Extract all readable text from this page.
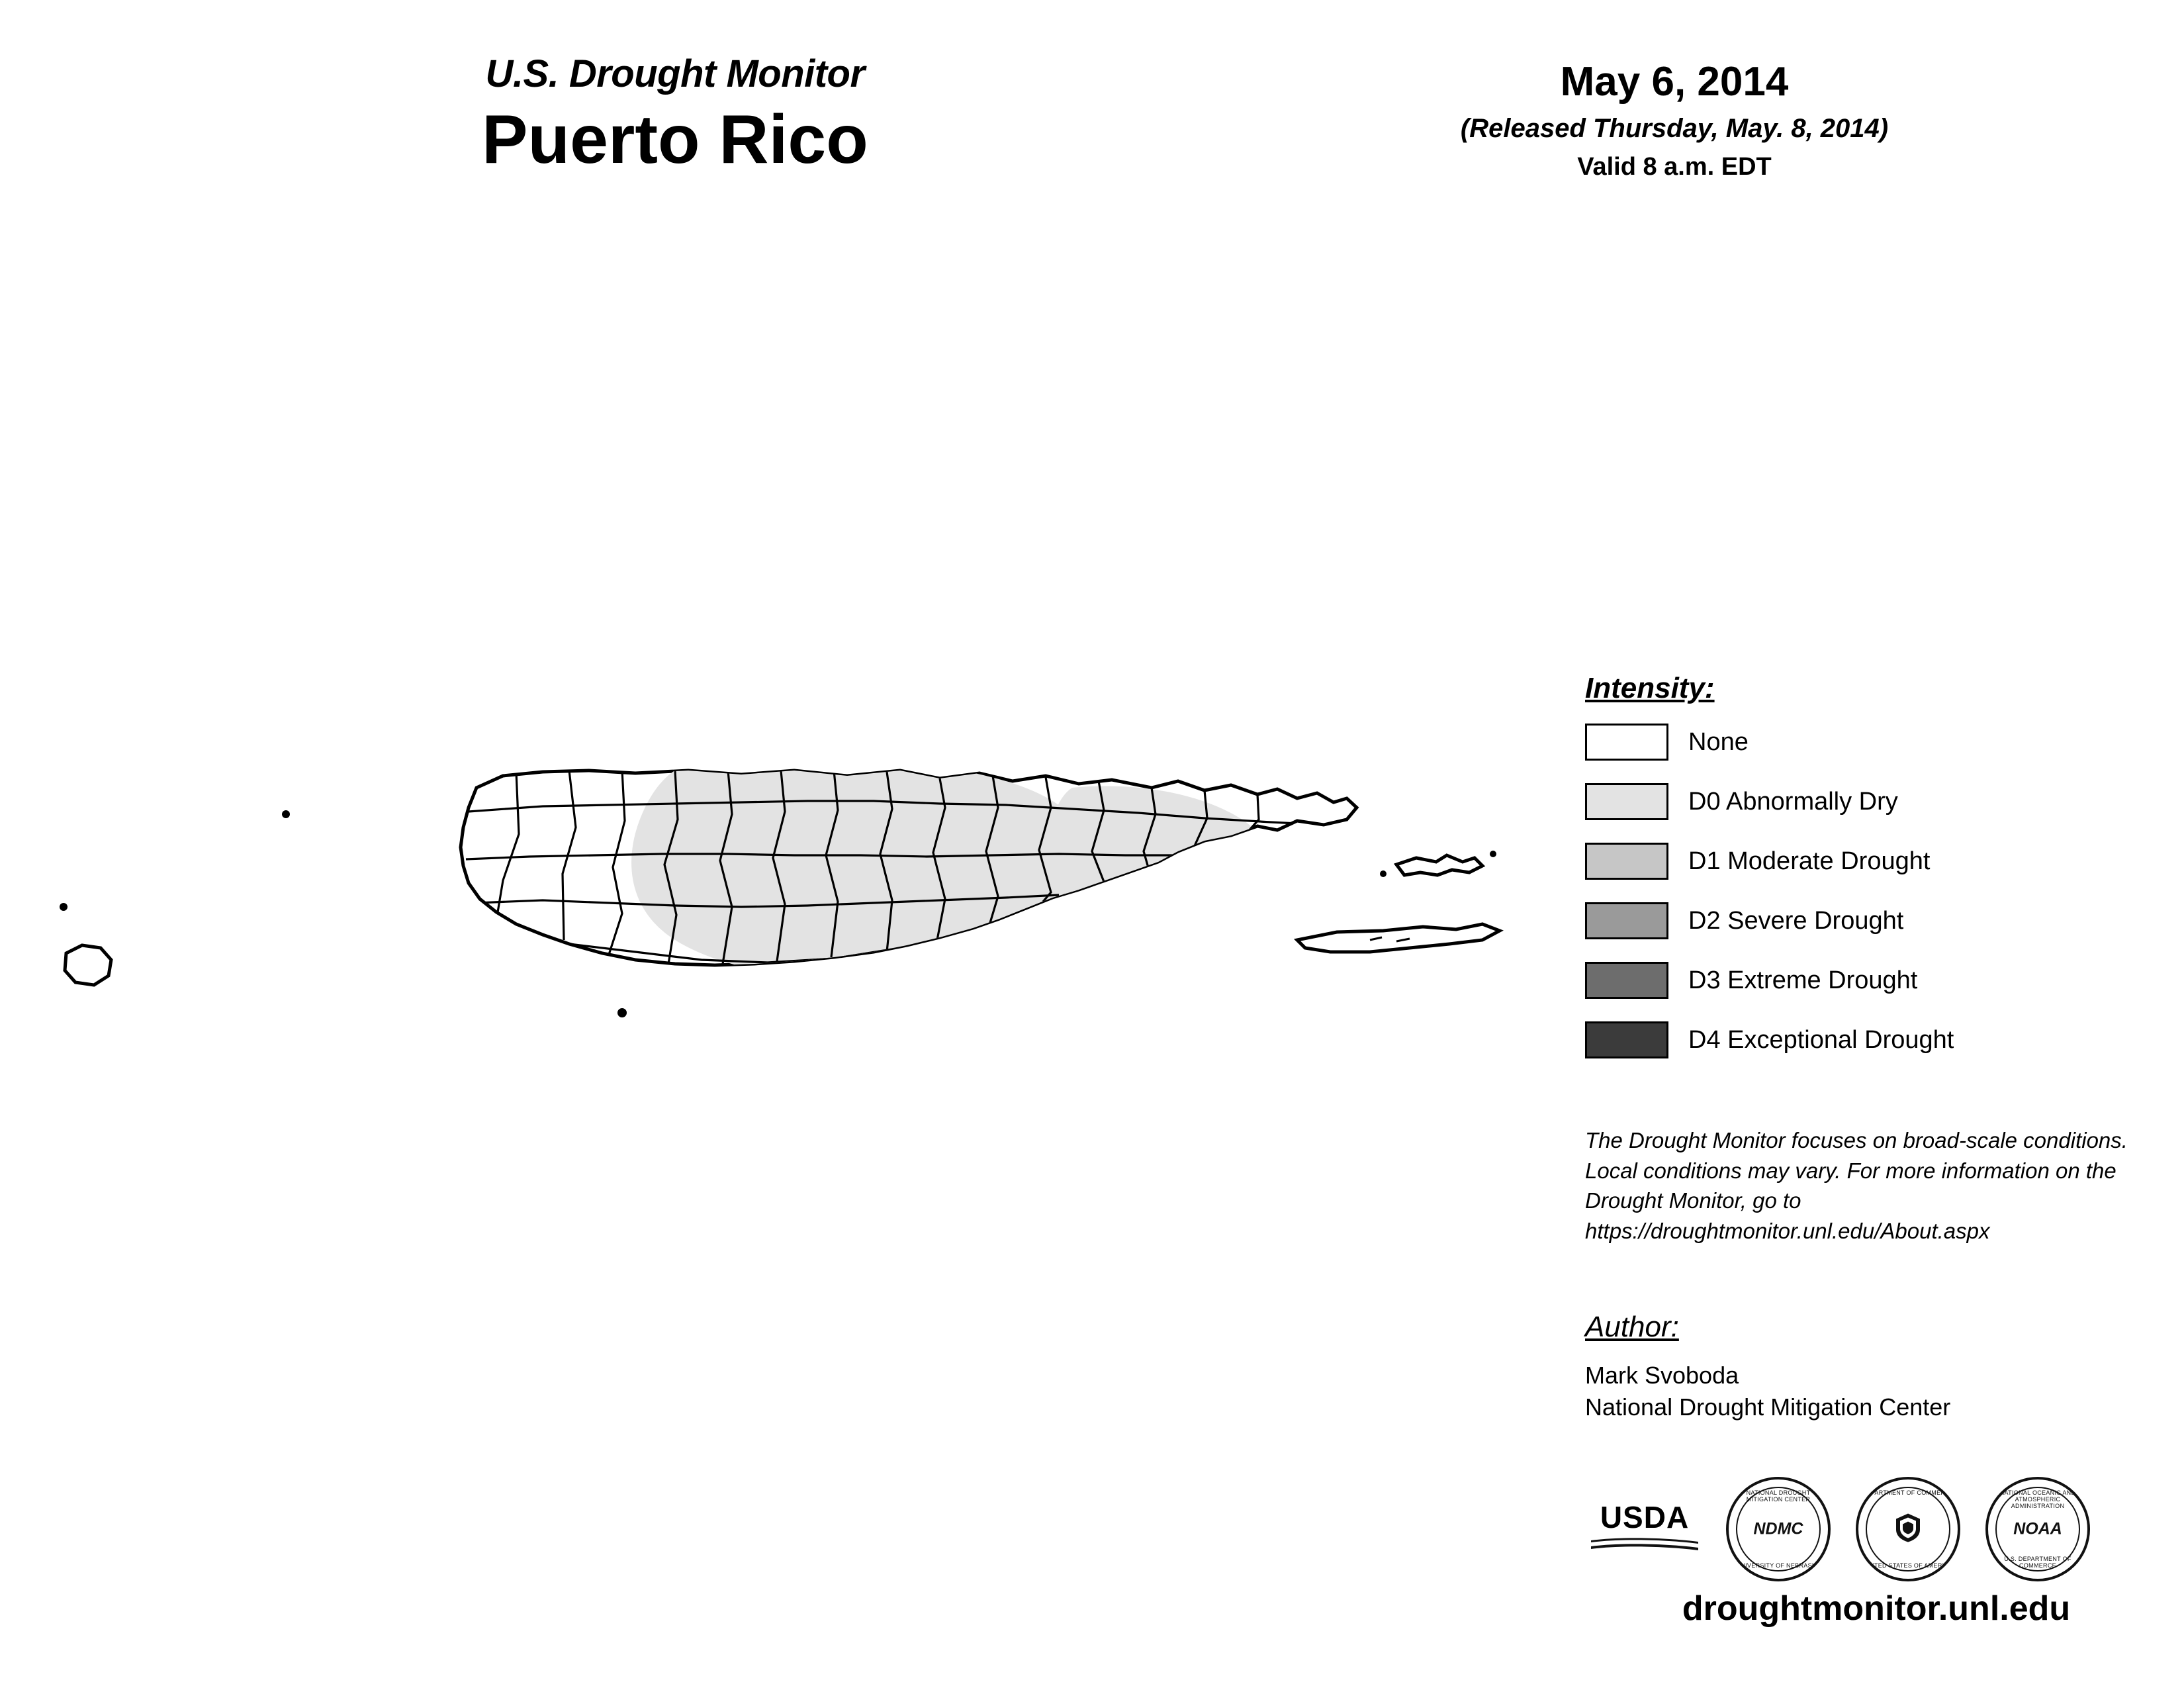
U.S. Drought Monitor
Puerto Rico
May 6, 2014
(Released Thursday, May. 8, 2014)
Valid 8 a.m. EDT
Intensity:
None
D0 Abnormally Dry
D1 Moderate Drought
D2 Severe Drought
D3 Extreme Drought
D4 Exceptional Drought
The Drought Monitor focuses on broad-scale conditions. Local conditions may vary. For more information on the Drought Monitor, go to https://droughtmonitor.unl.edu/About.aspx
Author:
Mark Svoboda
National Drought Mitigation Center
USDA
NATIONAL DROUGHT MITIGATION CENTER
NDMC
UNIVERSITY OF NEBRASKA
DEPARTMENT OF COMMERCE
UNITED STATES OF AMERICA
NATIONAL OCEANIC AND ATMOSPHERIC ADMINISTRATION
NOAA
U.S. DEPARTMENT OF COMMERCE
droughtmonitor.unl.edu
